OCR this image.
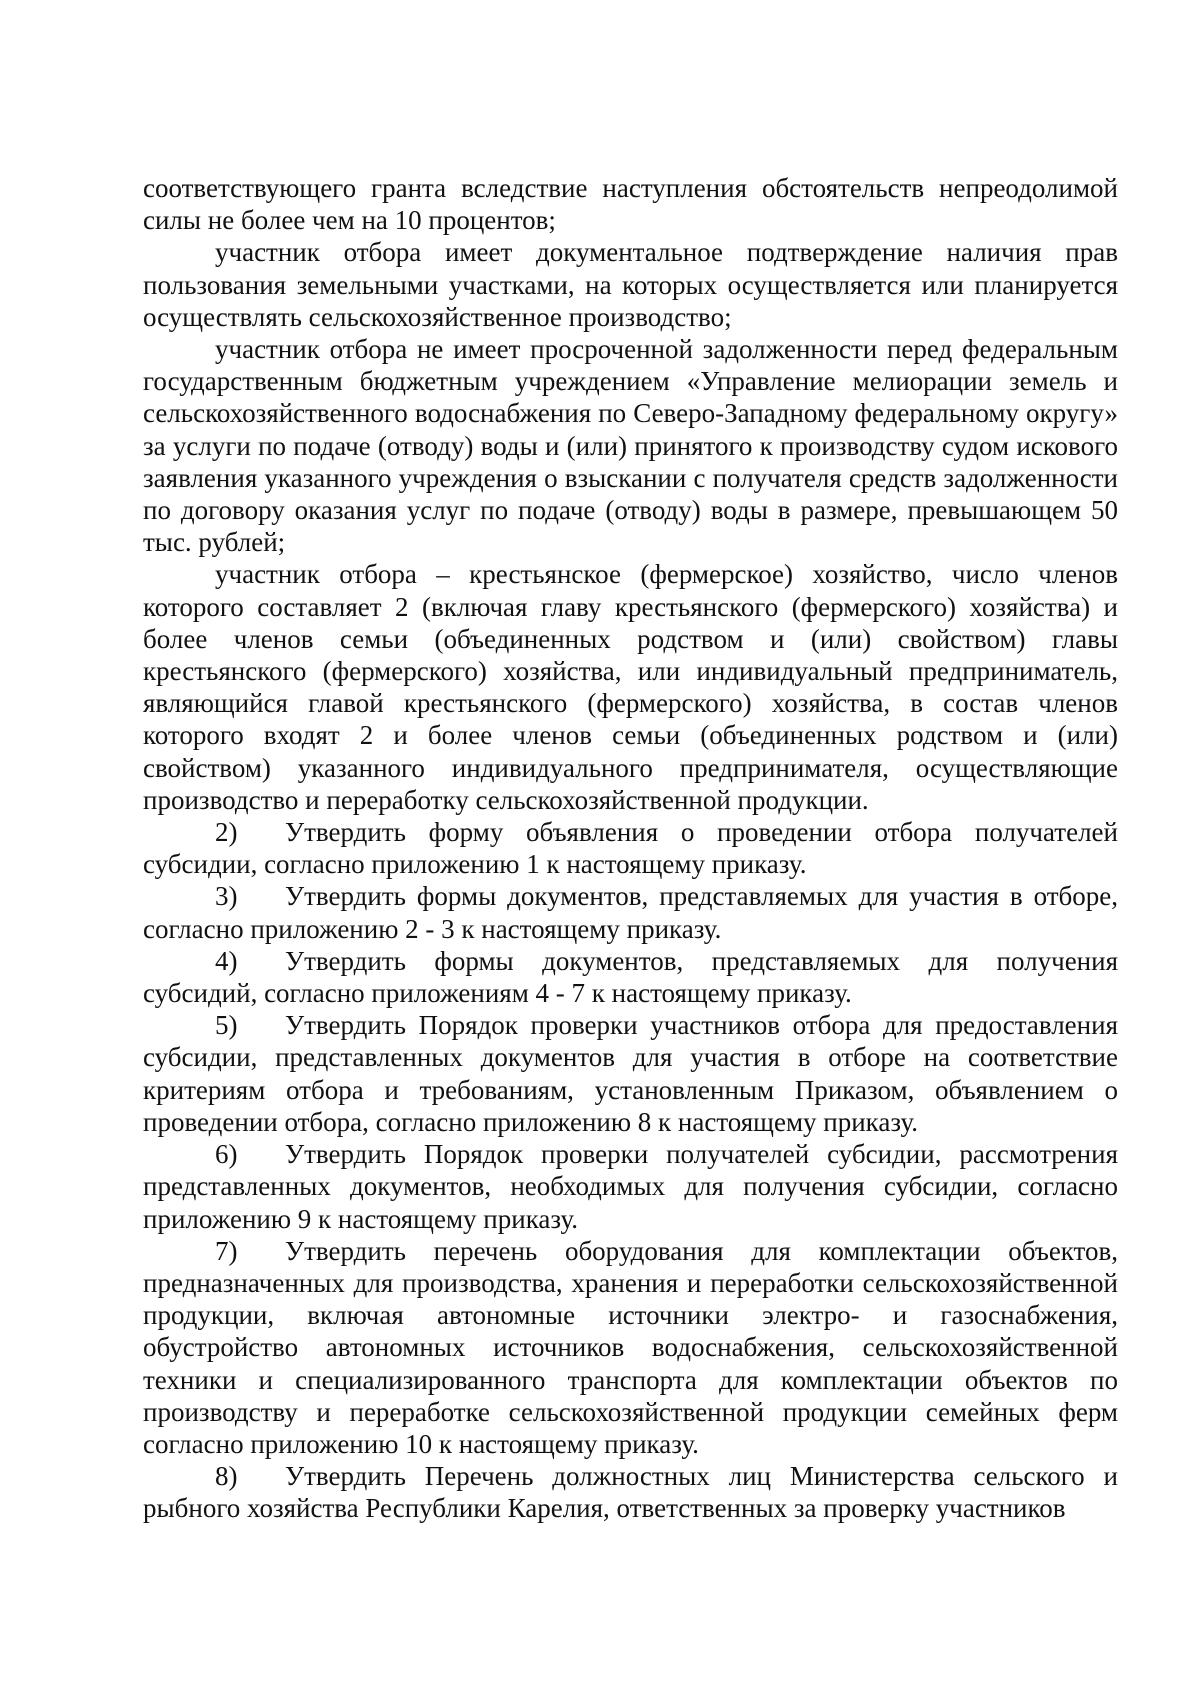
соответствующего гранта вследствие наступления обстоятельств непреодолимой силы не более чем на 10 процентов;

участник отбора имеет документальное подтверждение наличия прав пользования земельными участками, на которых осуществляется или планируется осуществлять сельскохозяйственное производство;

участник отбора не имеет просроченной задолженности перед федеральным государственным бюджетным учреждением «Управление мелиорации земель и сельскохозяйственного водоснабжения по Северо-Западному федеральному округу» за услуги по подаче (отводу) воды и (или) принятого к производству судом искового заявления указанного учреждения о взыскании с получателя средств задолженности по договору оказания услуг по подаче (отводу) воды в размере, превышающем 50 тыс. рублей;

участник отбора – крестьянское (фермерское) хозяйство, число членов которого составляет 2 (включая главу крестьянского (фермерского) хозяйства) и более членов семьи (объединенных родством и (или) свойством) главы крестьянского (фермерского) хозяйства, или индивидуальный предприниматель, являющийся главой крестьянского (фермерского) хозяйства, в состав членов которого входят 2 и более членов семьи (объединенных родством и (или) свойством) указанного индивидуального предпринимателя, осуществляющие производство и переработку сельскохозяйственной продукции.

2) Утвердить форму объявления о проведении отбора получателей субсидии, согласно приложению 1 к настоящему приказу.

3) Утвердить формы документов, представляемых для участия в отборе, согласно приложению 2 - 3 к настоящему приказу.

4) Утвердить формы документов, представляемых для получения субсидий, согласно приложениям 4 - 7 к настоящему приказу.

5) Утвердить Порядок проверки участников отбора для предоставления субсидии, представленных документов для участия в отборе на соответствие критериям отбора и требованиям, установленным Приказом, объявлением о проведении отбора, согласно приложению 8 к настоящему приказу.

6) Утвердить Порядок проверки получателей субсидии, рассмотрения представленных документов, необходимых для получения субсидии, согласно приложению 9 к настоящему приказу.

7) Утвердить перечень оборудования для комплектации объектов, предназначенных для производства, хранения и переработки сельскохозяйственной продукции, включая автономные источники электро- и газоснабжения, обустройство автономных источников водоснабжения, сельскохозяйственной техники и специализированного транспорта для комплектации объектов по производству и переработке сельскохозяйственной продукции семейных ферм согласно приложению 10 к настоящему приказу.

8) Утвердить Перечень должностных лиц Министерства сельского и рыбного хозяйства Республики Карелия, ответственных за проверку участников
